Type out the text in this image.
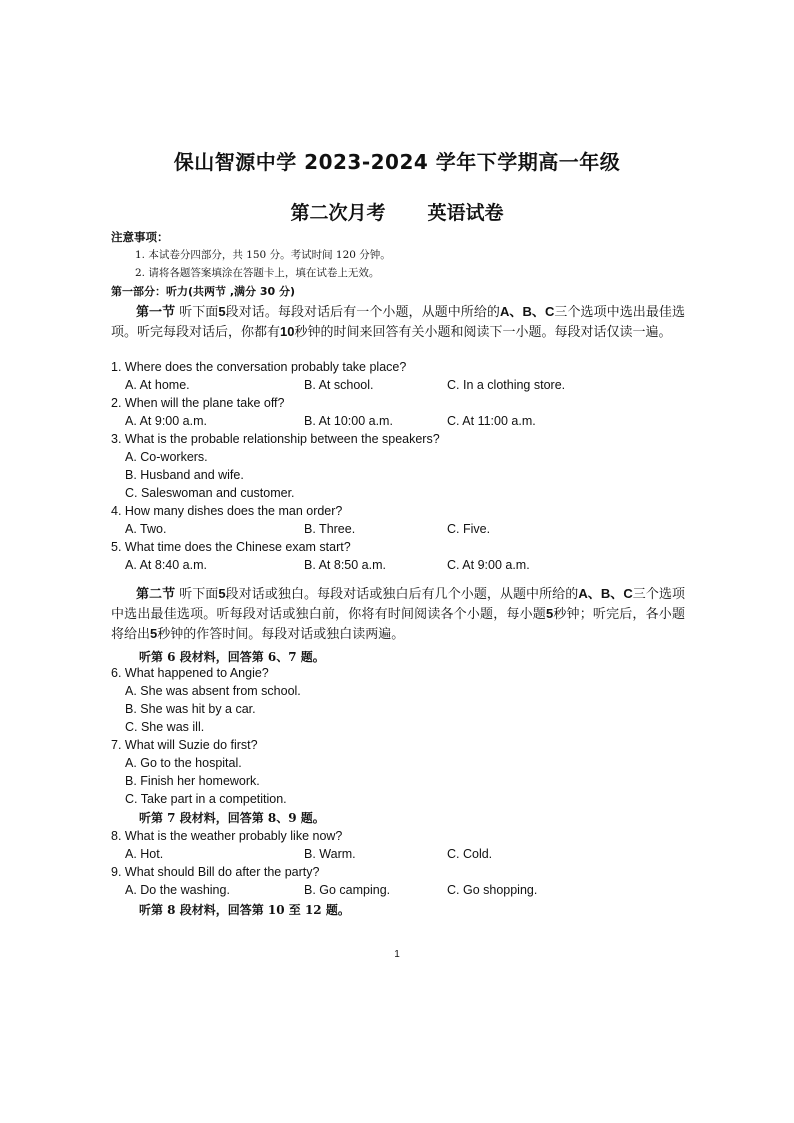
保山智源中学 2023-2024 学年下学期高一年级
第二次月考 英语试卷
注意事项：
1. 本试卷分四部分，共 150 分。考试时间 120 分钟。
2. 请将各题答案填涂在答题卡上，填在试卷上无效。
第一部分：听力(共两节 ,满分 30 分)
第一节 听下面5段对话。每段对话后有一个小题，从题中所给的A、B、C三个选项中选出最佳选项。听完每段对话后，你都有10秒钟的时间来回答有关小题和阅读下一小题。每段对话仅读一遍。
1. Where does the conversation probably take place?
A. At home.	B. At school.	C. In a clothing store.
2. When will the plane take off?
A. At 9:00 a.m.	B. At 10:00 a.m.	C. At 11:00 a.m.
3. What is the probable relationship between the speakers?
A. Co-workers.
B. Husband and wife.
C. Saleswoman and customer.
4. How many dishes does the man order?
A. Two.	B. Three.	C. Five.
5. What time does the Chinese exam start?
A. At 8:40 a.m.	B. At 8:50 a.m.	C. At 9:00 a.m.
第二节 听下面5段对话或独白。每段对话或独白后有几个小题，从题中所给的A、B、C三个选项中选出最佳选项。听每段对话或独白前，你将有时间阅读各个小题，每小题5秒钟；听完后，各小题将给出5秒钟的作答时间。每段对话或独白读两遍。
听第 6 段材料，回答第 6、7 题。
6. What happened to Angie?
A. She was absent from school.
B. She was hit by a car.
C. She was ill.
7. What will Suzie do first?
A. Go to the hospital.
B. Finish her homework.
C. Take part in a competition.
听第 7 段材料，回答第 8、9 题。
8. What is the weather probably like now?
A. Hot.	B. Warm.	C. Cold.
9. What should Bill do after the party?
A. Do the washing.	B. Go camping.	C. Go shopping.
听第 8 段材料，回答第 10 至 12 题。
1
